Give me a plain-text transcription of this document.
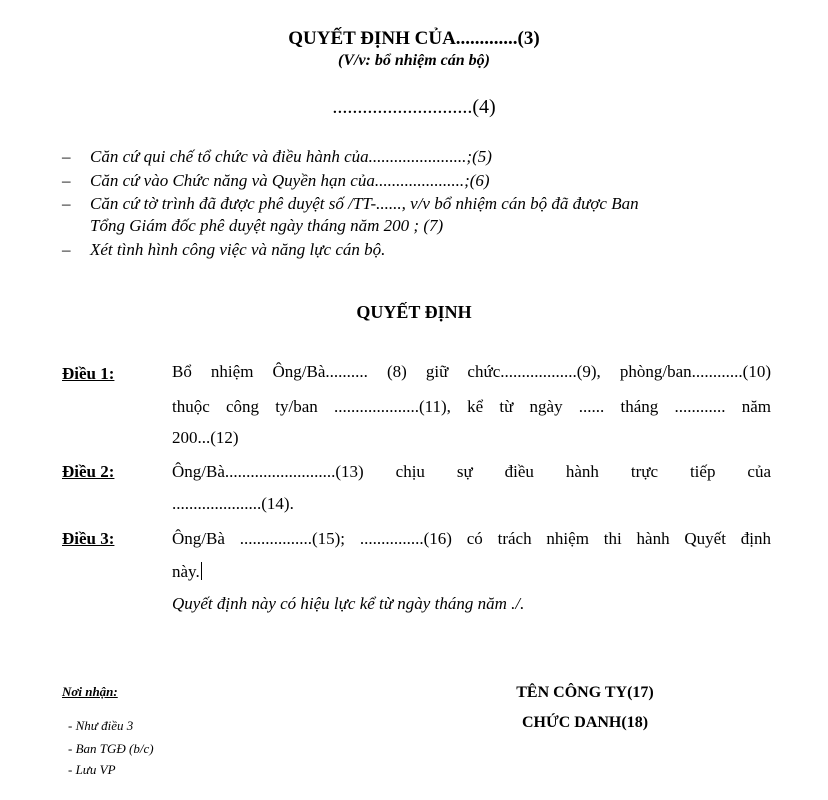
QUYẾT ĐỊNH CỦA.............(3)
(V/v: bổ nhiệm cán bộ)
............................(4)
– Căn cứ qui chế tổ chức và điều hành của.......................;(5)
– Căn cứ vào Chức năng và Quyền hạn của.....................;(6)
– Căn cứ tờ trình đã được phê duyệt số /TT-......, v/v bổ nhiệm cán bộ đã được Ban
Tổng Giám đốc phê duyệt ngày tháng năm 200 ; (7)
– Xét tình hình công việc và năng lực cán bộ.
QUYẾT ĐỊNH
Điều 1:	Bổ nhiệm Ông/Bà.......... (8) giữ chức..................(9), phòng/ban............(10)
thuộc công ty/ban ....................(11), kể từ ngày ...... tháng ............ năm
200...(12)
Điều 2:	Ông/Bà..........................(13) chịu sự điều hành trực tiếp của
.....................(14).
Điều 3:	Ông/Bà .................(15); ...............(16) có trách nhiệm thi hành Quyết định
này.
Quyết định này có hiệu lực kể từ ngày tháng năm ./.
Nơi nhận:
- Như điều 3
- Ban TGĐ (b/c)
- Lưu VP
TÊN CÔNG TY(17)
CHỨC DANH(18)
